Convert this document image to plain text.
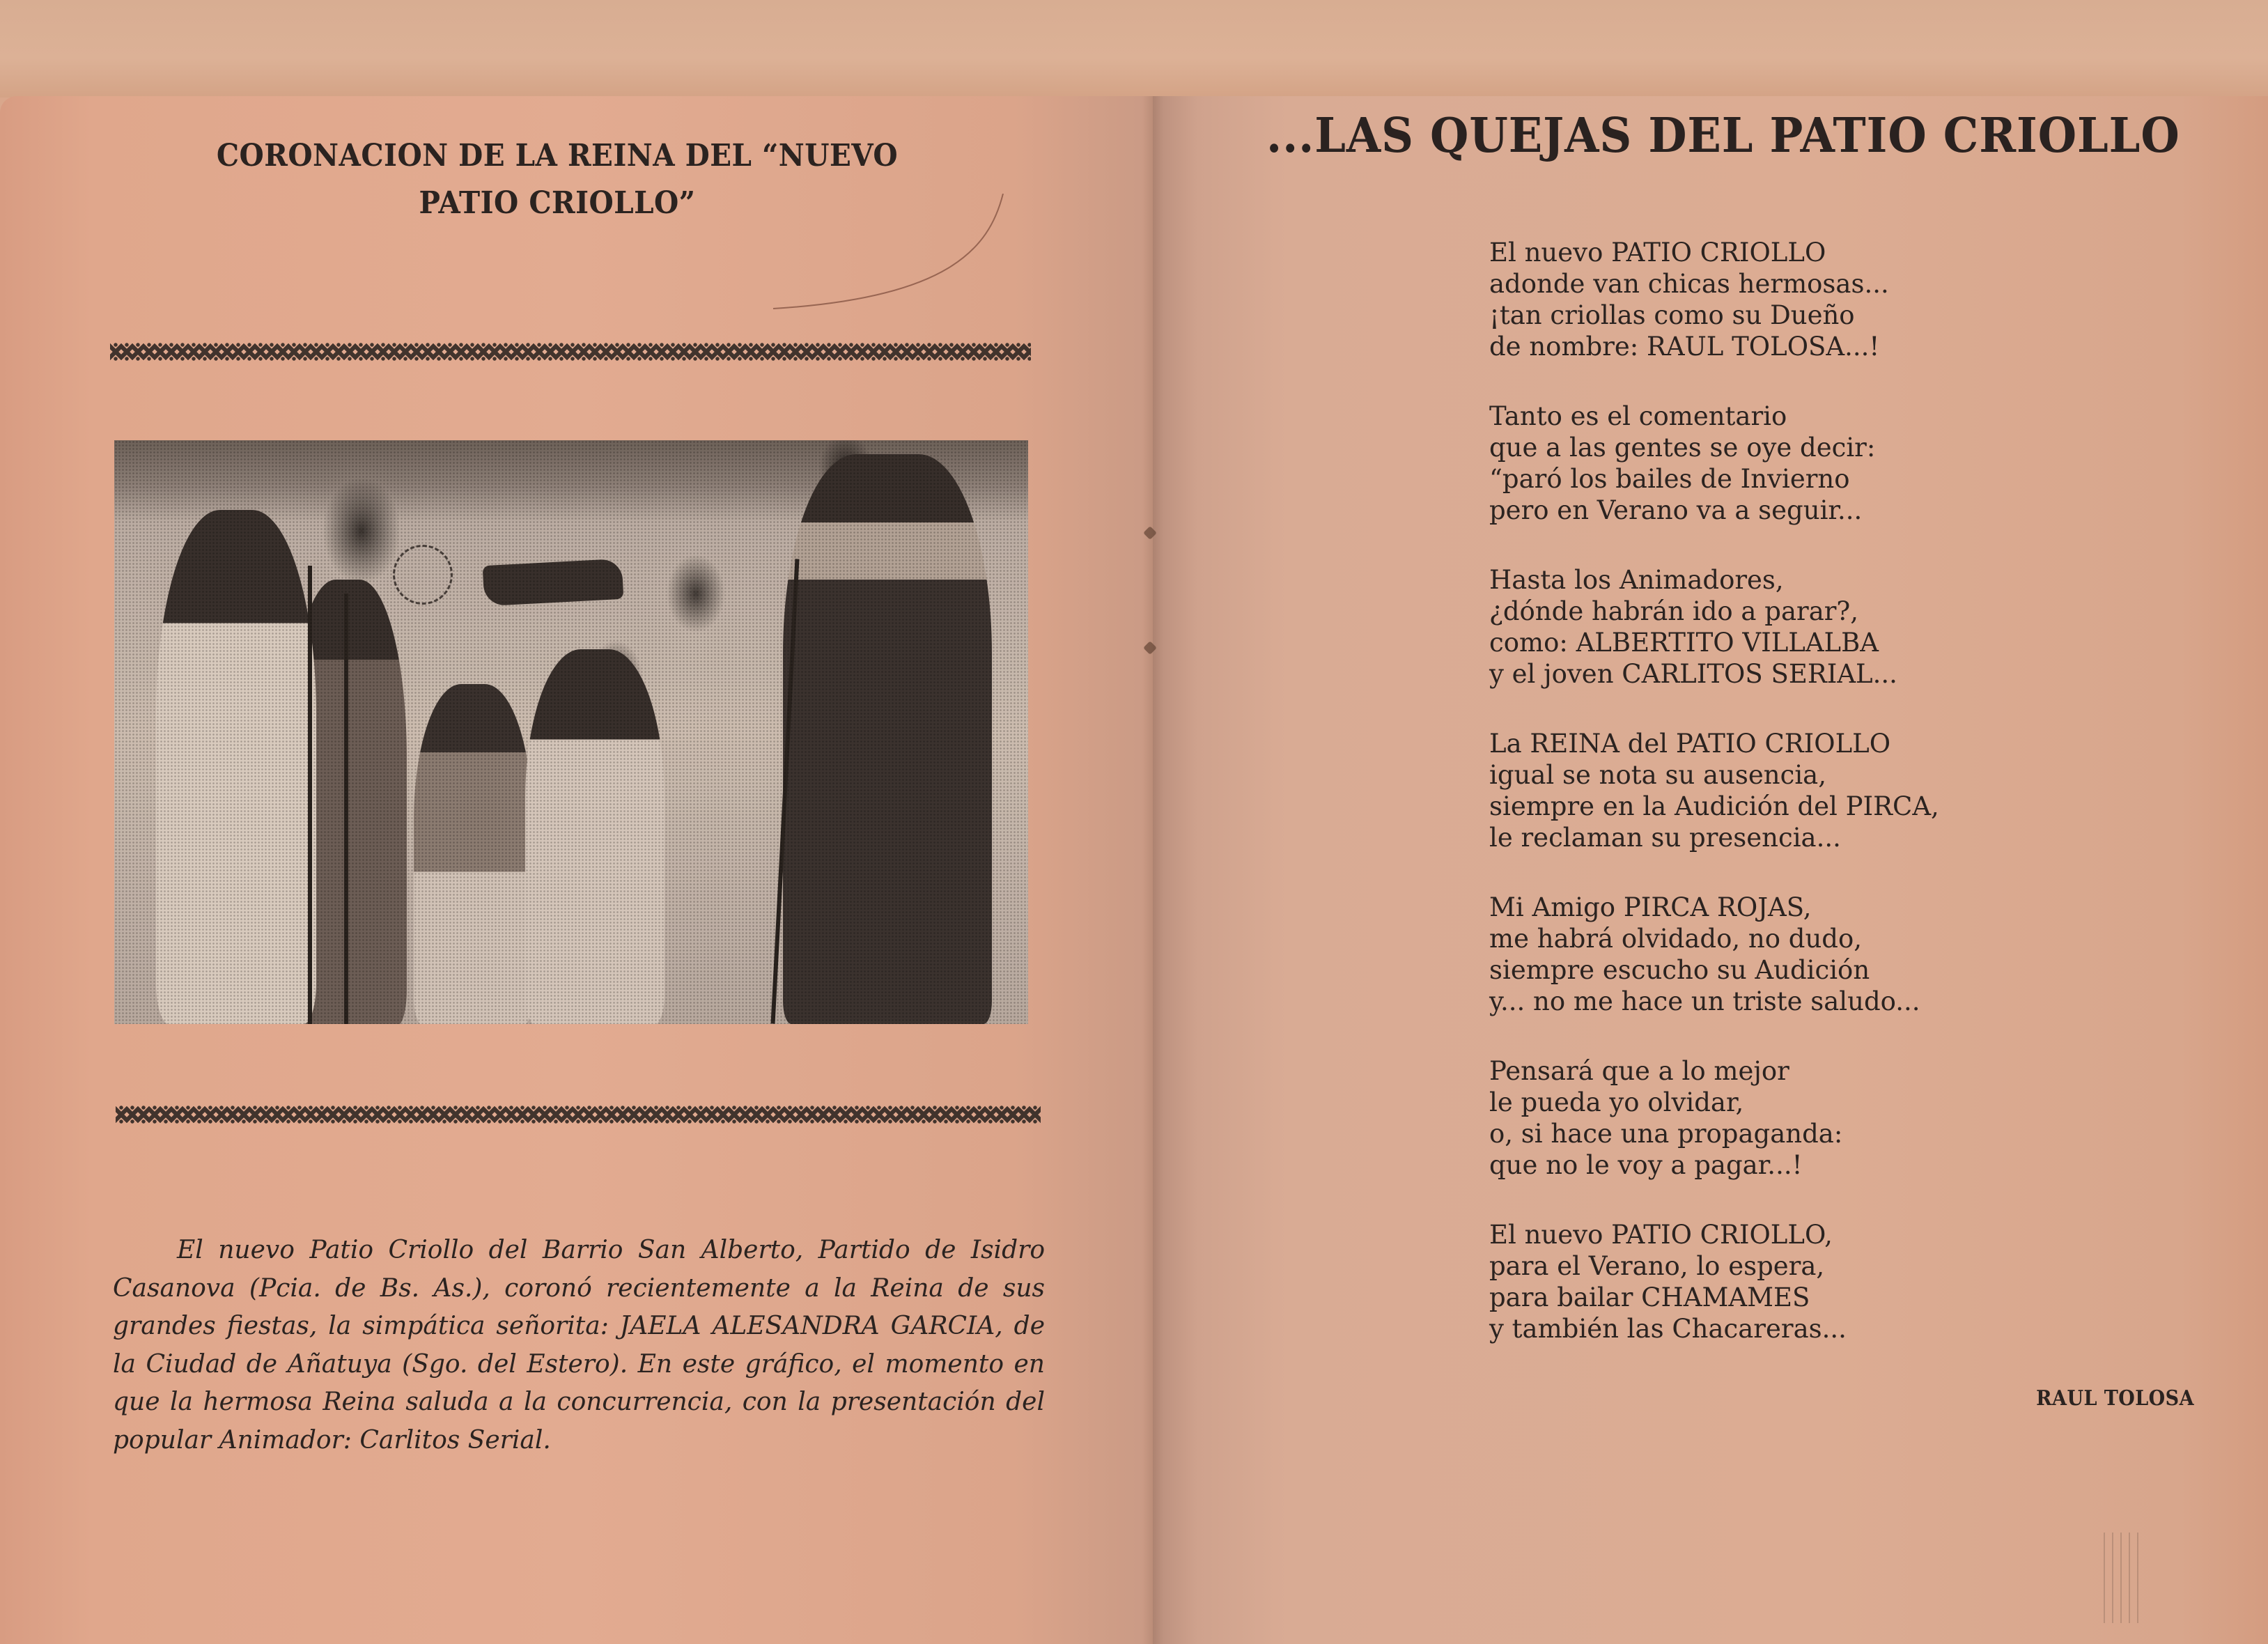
CORONACION DE LA REINA DEL “NUEVO
PATIO CRIOLLO”

El nuevo Patio Criollo del Barrio San Alberto, Partido de Isidro Casanova (Pcia. de Bs. As.), coronó recientemente a la Reina de sus grandes fiestas, la simpática señorita: JAELA ALESANDRA GARCIA, de la Ciudad de Añatuya (Sgo. del Estero). En este gráfico, el momento en que la hermosa Reina saluda a la concurrencia, con la presentación del popular Animador: Carlitos Serial.

...LAS QUEJAS DEL PATIO CRIOLLO
El nuevo PATIO CRIOLLO
adonde van chicas hermosas...
¡tan criollas como su Dueño
de nombre: RAUL TOLOSA...!
Tanto es el comentario
que a las gentes se oye decir:
“paró los bailes de Invierno
pero en Verano va a seguir...
Hasta los Animadores,
¿dónde habrán ido a parar?,
como: ALBERTITO VILLALBA
y el joven CARLITOS SERIAL...
La REINA del PATIO CRIOLLO
igual se nota su ausencia,
siempre en la Audición del PIRCA,
le reclaman su presencia...
Mi Amigo PIRCA ROJAS,
me habrá olvidado, no dudo,
siempre escucho su Audición
y... no me hace un triste saludo...
Pensará que a lo mejor
le pueda yo olvidar,
o, si hace una propaganda:
que no le voy a pagar...!
El nuevo PATIO CRIOLLO,
para el Verano, lo espera,
para bailar CHAMAMES
y también las Chacareras...
RAUL TOLOSA
